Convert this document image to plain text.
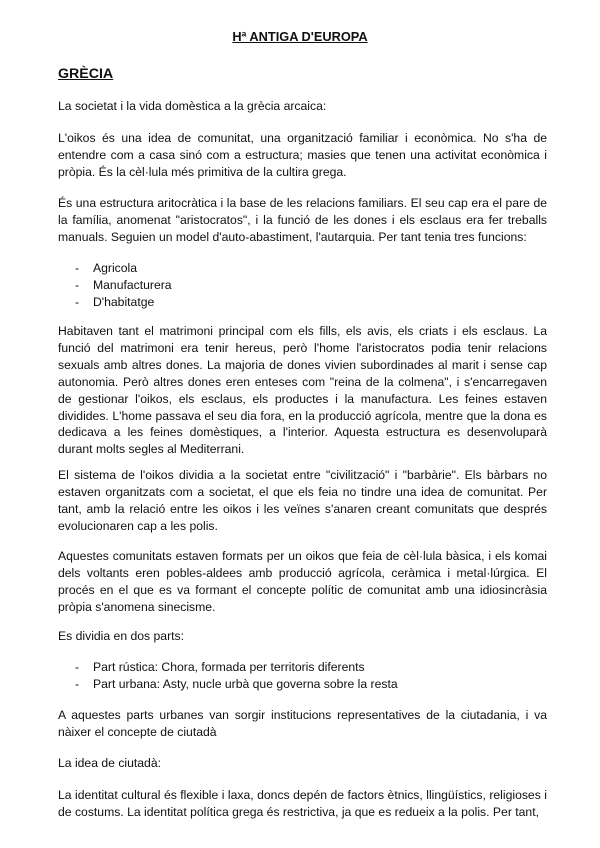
Hª ANTIGA D'EUROPA
GRÈCIA

La societat i la vida domèstica a la grècia arcaica:

L'oikos és una idea de comunitat, una organització familiar i econòmica. No s'ha de entendre com a casa sinó com a estructura; masies que tenen una activitat econòmica i pròpia. És la cèl·lula més primitiva de la cultira grega.

És una estructura aritocràtica i la base de les relacions familiars. El seu cap era el pare de la família, anomenat "aristocratos", i la funció de les dones i els esclaus era fer treballs manuals. Seguien un model d'auto-abastiment, l'autarquia. Per tant tenia tres funcions:

- Agricola
- Manufacturera
- D'habitatge

Habitaven tant el matrimoni principal com els fills, els avis, els criats i els esclaus. La funció del matrimoni era tenir hereus, però l'home l'aristocratos podia tenir relacions sexuals amb altres dones. La majoria de dones vivien subordinades al marit i sense cap autonomia. Però altres dones eren enteses com "reina de la colmena", i s'encarregaven de gestionar l'oikos, els esclaus, els productes i la manufactura. Les feines estaven dividides. L'home passava el seu dia fora, en la producció agrícola, mentre que la dona es dedicava a les feines domèstiques, a l'interior. Aquesta estructura es desenvoluparà durant molts segles al Mediterrani.

El sistema de l'oikos dividia a la societat entre "civilització" i "barbàrie". Els bàrbars no estaven organitzats com a societat, el que els feia no tindre una idea de comunitat. Per tant, amb la relació entre les oikos i les veïnes s'anaren creant comunitats que després evolucionaren cap a les polis.

Aquestes comunitats estaven formats per un oikos que feia de cèl·lula bàsica, i els komai dels voltants eren pobles-aldees amb producció agrícola, ceràmica i metal·lúrgica. El procés en el que es va formant el concepte polític de comunitat amb una idiosincràsia pròpia s'anomena sinecisme.

Es dividia en dos parts:

- Part rústica: Chora, formada per territoris diferents
- Part urbana: Asty, nucle urbà que governa sobre la resta

A aquestes parts urbanes van sorgir institucions representatives de la ciutadania, i va nàixer el concepte de ciutadà

La idea de ciutadà:

La identitat cultural és flexible i laxa, doncs depén de factors ètnics, llingüístics, religioses i de costums. La identitat política grega és restrictiva, ja que es redueix a la polis. Per tant,
